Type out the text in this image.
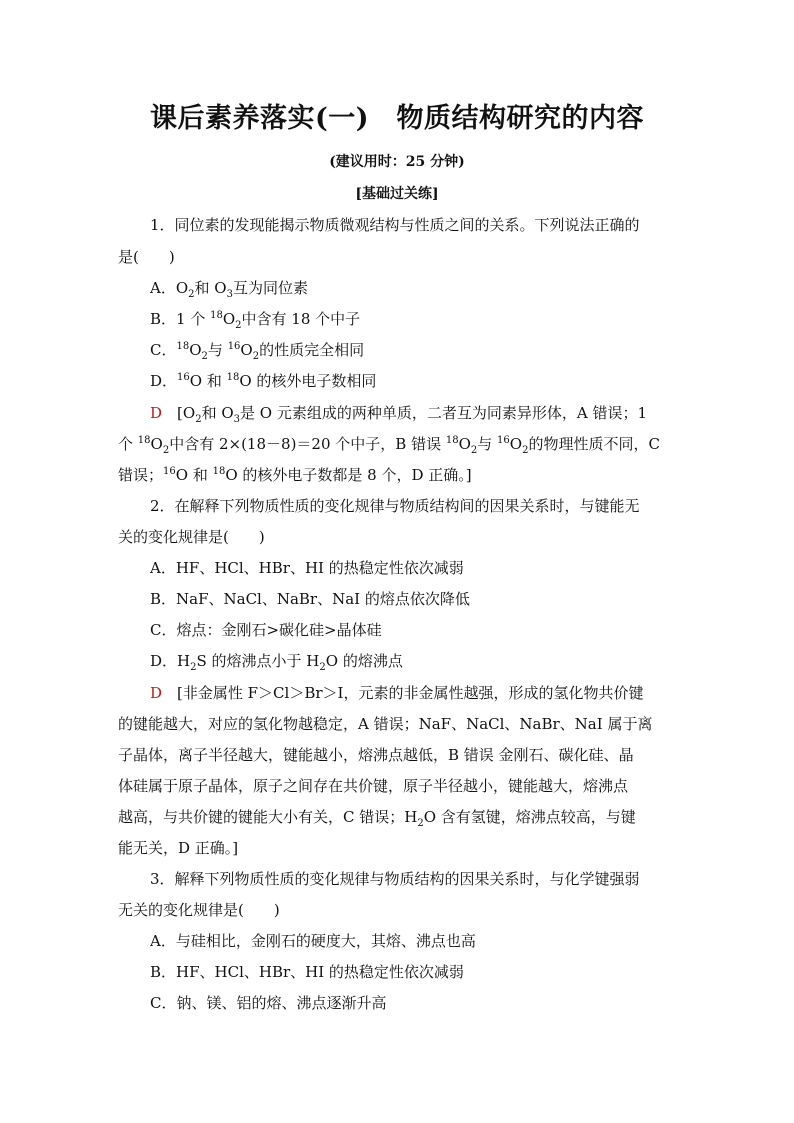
课后素养落实(一)　物质结构研究的内容
(建议用时：25 分钟)
[基础过关练]
1．同位素的发现能揭示物质微观结构与性质之间的关系。下列说法正确的
是(　　)
A．$O_2$和 $O_3$互为同位素
B．1 个 $^{18}O_2$中含有 18 个中子
C．$^{18}O_2$与 $^{16}O_2$的性质完全相同
D．$^{16}$O 和 $^{18}$O 的核外电子数相同
D　[$O_2$和 $O_3$是 O 元素组成的两种单质，二者互为同素异形体，A 错误；1
个 $^{18}O_2$中含有 2×(18－8)＝20 个中子，B 错误 $^{18}O_2$与 $^{16}O_2$的物理性质不同，C
错误；$^{16}$O 和 $^{18}$O 的核外电子数都是 8 个，D 正确。]
2．在解释下列物质性质的变化规律与物质结构间的因果关系时，与键能无
关的变化规律是(　　)
A．HF、HCl、HBr、HI 的热稳定性依次减弱
B．NaF、NaCl、NaBr、NaI 的熔点依次降低
C．熔点：金刚石>碳化硅>晶体硅
D．$H_2S$ 的熔沸点小于 $H_2O$ 的熔沸点
D　[非金属性 F＞Cl＞Br＞I，元素的非金属性越强，形成的氢化物共价键
的键能越大，对应的氢化物越稳定，A 错误；NaF、NaCl、NaBr、NaI 属于离
子晶体，离子半径越大，键能越小，熔沸点越低，B 错误 金刚石、碳化硅、晶
体硅属于原子晶体，原子之间存在共价键，原子半径越小，键能越大，熔沸点
越高，与共价键的键能大小有关，C 错误；$H_2O$ 含有氢键，熔沸点较高，与键
能无关，D 正确。]
3．解释下列物质性质的变化规律与物质结构的因果关系时，与化学键强弱
无关的变化规律是(　　)
A．与硅相比，金刚石的硬度大，其熔、沸点也高
B．HF、HCl、HBr、HI 的热稳定性依次减弱
C．钠、镁、铝的熔、沸点逐渐升高
